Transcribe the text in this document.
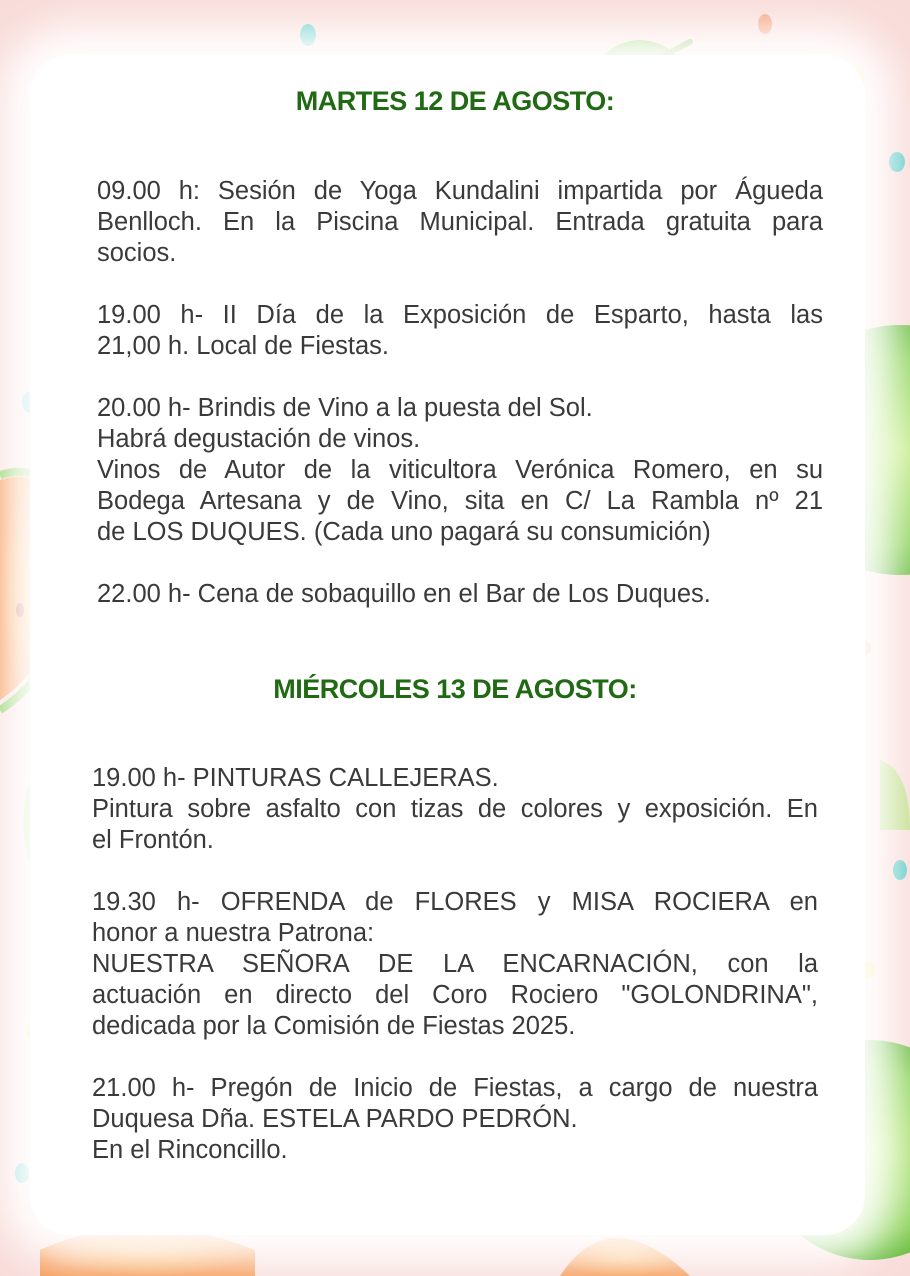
MARTES 12 DE AGOSTO:
09.00 h: Sesión de Yoga Kundalini impartida por Águeda
Benlloch. En la Piscina Municipal. Entrada gratuita para
socios.
19.00 h- II Día de la Exposición de Esparto, hasta las
21,00 h. Local de Fiestas.
20.00 h- Brindis de Vino a la puesta del Sol.
Habrá degustación de vinos.
Vinos de Autor de la viticultora Verónica Romero, en su
Bodega Artesana y de Vino, sita en C/ La Rambla nº 21
de LOS DUQUES. (Cada uno pagará su consumición)
22.00 h- Cena de sobaquillo en el Bar de Los Duques.
MIÉRCOLES 13 DE AGOSTO:
19.00 h- PINTURAS CALLEJERAS.
Pintura sobre asfalto con tizas de colores y exposición. En
el Frontón.
19.30 h- OFRENDA de FLORES y MISA ROCIERA en
honor a nuestra Patrona:
NUESTRA SEÑORA DE LA ENCARNACIÓN, con la
actuación en directo del Coro Rociero "GOLONDRINA",
dedicada por la Comisión de Fiestas 2025.
21.00 h- Pregón de Inicio de Fiestas, a cargo de nuestra
Duquesa Dña. ESTELA PARDO PEDRÓN.
En el Rinconcillo.
